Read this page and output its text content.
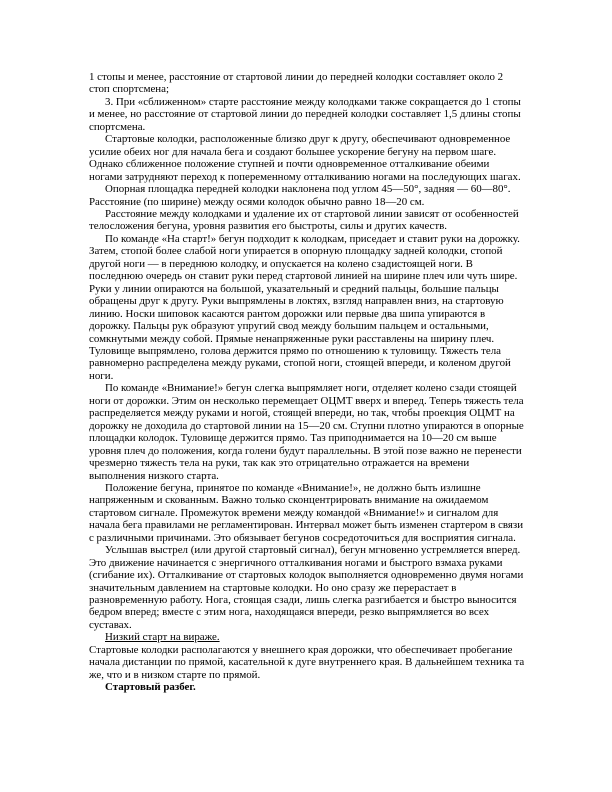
1 стопы и менее, расстояние от стартовой линии до передней колодки составляет около 2 стоп спортсмена;

3. При «сближенном» старте расстояние между колодками также сокращается до 1 стопы и менее, но расстояние от стартовой линии до передней колодки составляет 1,5 длины стопы спортсмена.

Стартовые колодки, расположенные близко друг к другу, обеспечивают одновременное усилие обеих ног для начала бега и создают большее ускорение бегуну на первом шаге. Однако сближенное положение ступней и почти одновременное отталкивание обеими ногами затрудняют переход к попеременному отталкиванию ногами на последующих шагах.

Опорная площадка передней колодки наклонена под углом 45—50°, задняя — 60—80°. Расстояние (по ширине) между осями колодок обычно равно 18—20 см.

Расстояние между колодками и удаление их от стартовой линии зависят от особенностей телосложения бегуна, уровня развития его быстроты, силы и других качеств.

По команде «На старт!» бегун подходит к колодкам, приседает и ставит руки на дорожку. Затем, стопой более слабой ноги упирается в опорную площадку задней колодки, стопой другой ноги — в переднюю колодку, и опускается на колено сзадистоящей ноги. В последнюю очередь он ставит руки перед стартовой линией на ширине плеч или чуть шире. Руки у линии опираются на большой, указательный и средний пальцы, большие пальцы обращены друг к другу. Руки выпрямлены в локтях, взгляд направлен вниз, на стартовую линию. Носки шиповок касаются рантом дорожки или первые два шипа упираются в дорожку. Пальцы рук образуют упругий свод между большим пальцем и остальными, сомкнутыми между собой. Прямые ненапряженные руки расставлены на ширину плеч. Туловище выпрямлено, голова держится прямо по отношению к туловищу. Тяжесть тела равномерно распределена между руками, стопой ноги, стоящей впереди, и коленом другой ноги.

По команде «Внимание!» бегун слегка выпрямляет ноги, отделяет колено сзади стоящей ноги от дорожки. Этим он несколько перемещает ОЦМТ вверх и вперед. Теперь тяжесть тела распределяется между руками и ногой, стоящей впереди, но так, чтобы проекция ОЦМТ на дорожку не доходила до стартовой линии на 15—20 см. Ступни плотно упираются в опорные площадки колодок. Туловище держится прямо. Таз приподнимается на 10—20 см выше уровня плеч до положения, когда голени будут параллельны. В этой позе важно не перенести чрезмерно тяжесть тела на руки, так как это отрицательно отражается на времени выполнения низкого старта.

Положение бегуна, принятое по команде «Внимание!», не должно быть излишне напряженным и скованным. Важно только сконцентрировать внимание на ожидаемом стартовом сигнале. Промежуток времени между командой «Внимание!» и сигналом для начала бега правилами не регламентирован. Интервал может быть изменен стартером в связи с различными причинами. Это обязывает бегунов сосредоточиться для восприятия сигнала.

Услышав выстрел (или другой стартовый сигнал), бегун мгновенно устремляется вперед. Это движение начинается с энергичного отталкивания ногами и быстрого взмаха руками (сгибание их). Отталкивание от стартовых колодок выполняется одновременно двумя ногами значительным давлением на стартовые колодки. Но оно сразу же перерастает в разновременную работу. Нога, стоящая сзади, лишь слегка разгибается и быстро выносится бедром вперед; вместе с этим нога, находящаяся впереди, резко выпрямляется во всех суставах.

Низкий старт на вираже.

Стартовые колодки располагаются у внешнего края дорожки, что обеспечивает пробегание начала дистанции по прямой, касательной к дуге внутреннего края. В дальнейшем техника та же, что и в низком старте по прямой.

Стартовый разбег.
